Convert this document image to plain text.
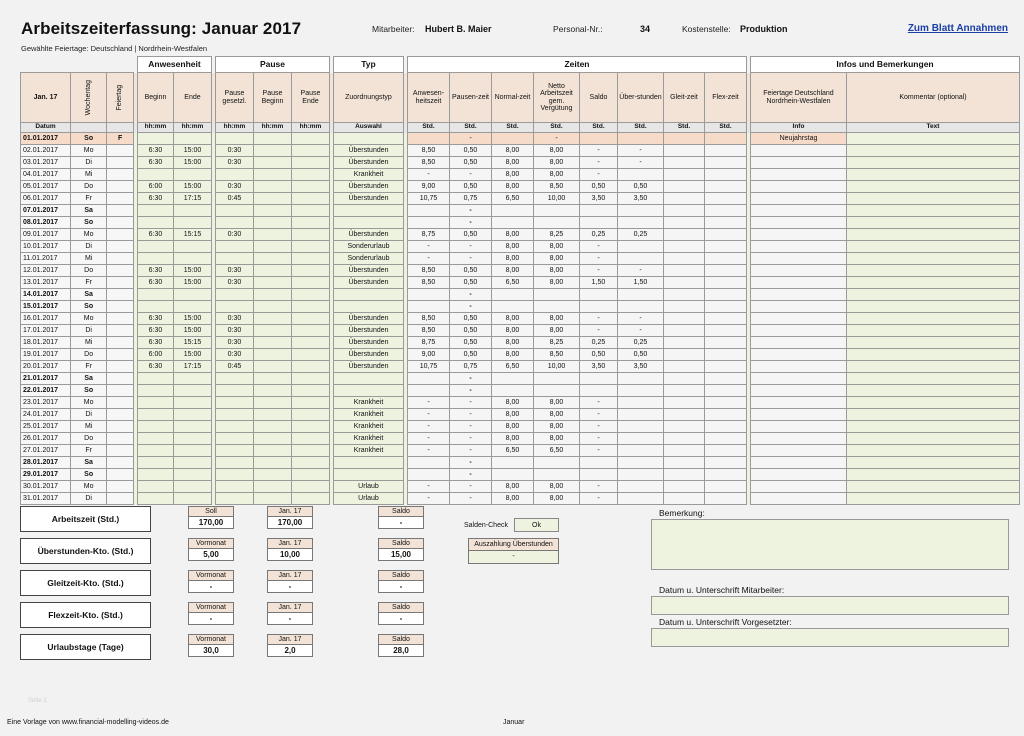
Arbeitszeiterfassung: Januar 2017	Mitarbeiter: Hubert B. Maier	Personal-Nr.:	34	Kostenstelle: Produktion	Zum Blatt Annahmen
Gewählte Feiertage: Deutschland | Nordrhein-Westfalen
				Anwesenheit			Pause				Typ		Zeiten									Infos und Bemerkungen	
Jan. 17	Wochentag	Feiertag		Beginn	Ende		Pause gesetzl.	Pause Beginn	Pause Ende		Zuordnungstyp		Anwesen-heitszeit	Pausen-zeit	Normal-zeit	Netto Arbeitszeit gem. Vergütung	Saldo	Über-stunden	Gleit-zeit	Flex-zeit		Feiertage Deutschland Nordrhein-Westfalen	Kommentar (optional)
Datum				hh:mm	hh:mm		hh:mm	hh:mm	hh:mm		Auswahl		Std.	Std.	Std.	Std.	Std.	Std.	Std.	Std.		Info	Text
01.01.2017	So	F												-		-						Neujahrstag	
02.01.2017	Mo			6:30	15:00		0:30				Überstunden		8,50	0,50	8,00	8,00	-	-					
03.01.2017	Di			6:30	15:00		0:30				Überstunden		8,50	0,50	8,00	8,00	-	-					
04.01.2017	Mi										Krankheit		-	-	8,00	8,00	-						
05.01.2017	Do			6:00	15:00		0:30				Überstunden		9,00	0,50	8,00	8,50	0,50	0,50					
06.01.2017	Fr			6:30	17:15		0:45				Überstunden		10,75	0,75	6,50	10,00	3,50	3,50					
07.01.2017	Sa													-									
08.01.2017	So													-									
09.01.2017	Mo			6:30	15:15		0:30				Überstunden		8,75	0,50	8,00	8,25	0,25	0,25					
10.01.2017	Di										Sonderurlaub		-	-	8,00	8,00	-						
11.01.2017	Mi										Sonderurlaub		-	-	8,00	8,00	-						
12.01.2017	Do			6:30	15:00		0:30				Überstunden		8,50	0,50	8,00	8,00	-	-					
13.01.2017	Fr			6:30	15:00		0:30				Überstunden		8,50	0,50	6,50	8,00	1,50	1,50					
14.01.2017	Sa													-									
15.01.2017	So													-									
16.01.2017	Mo			6:30	15:00		0:30				Überstunden		8,50	0,50	8,00	8,00	-	-					
17.01.2017	Di			6:30	15:00		0:30				Überstunden		8,50	0,50	8,00	8,00	-	-					
18.01.2017	Mi			6:30	15:15		0:30				Überstunden		8,75	0,50	8,00	8,25	0,25	0,25					
19.01.2017	Do			6:00	15:00		0:30				Überstunden		9,00	0,50	8,00	8,50	0,50	0,50					
20.01.2017	Fr			6:30	17:15		0:45				Überstunden		10,75	0,75	6,50	10,00	3,50	3,50					
21.01.2017	Sa													-									
22.01.2017	So													-									
23.01.2017	Mo										Krankheit		-	-	8,00	8,00	-						
24.01.2017	Di										Krankheit		-	-	8,00	8,00	-						
25.01.2017	Mi										Krankheit		-	-	8,00	8,00	-						
26.01.2017	Do										Krankheit		-	-	8,00	8,00	-						
27.01.2017	Fr										Krankheit		-	-	6,50	6,50	-						
28.01.2017	Sa													-									
29.01.2017	So													-									
30.01.2017	Mo										Urlaub		-	-	8,00	8,00	-						
31.01.2017	Di										Urlaub		-	-	8,00	8,00	-						
Arbeitszeit (Std.)
Soll
170,00
Jan. 17
170,00
Saldo
-	Salden-Check	Ok
Auszahlung Überstunden
-
Überstunden-Kto. (Std.)
Vormonat
5,00
Jan. 17
10,00
Saldo
15,00
Gleitzeit-Kto. (Std.)
Vormonat
-
Jan. 17
-
Saldo
-
Flexzeit-Kto. (Std.)
Vormonat
-
Jan. 17
-
Saldo
-
Urlaubstage (Tage)
Vormonat
30,0
Jan. 17
2,0
Saldo
28,0
Bemerkung:
Datum u. Unterschrift Mitarbeiter:
Datum u. Unterschrift Vorgesetzter:
Seite 1
Eine Vorlage von www.financial-modelling-videos.de	Januar
